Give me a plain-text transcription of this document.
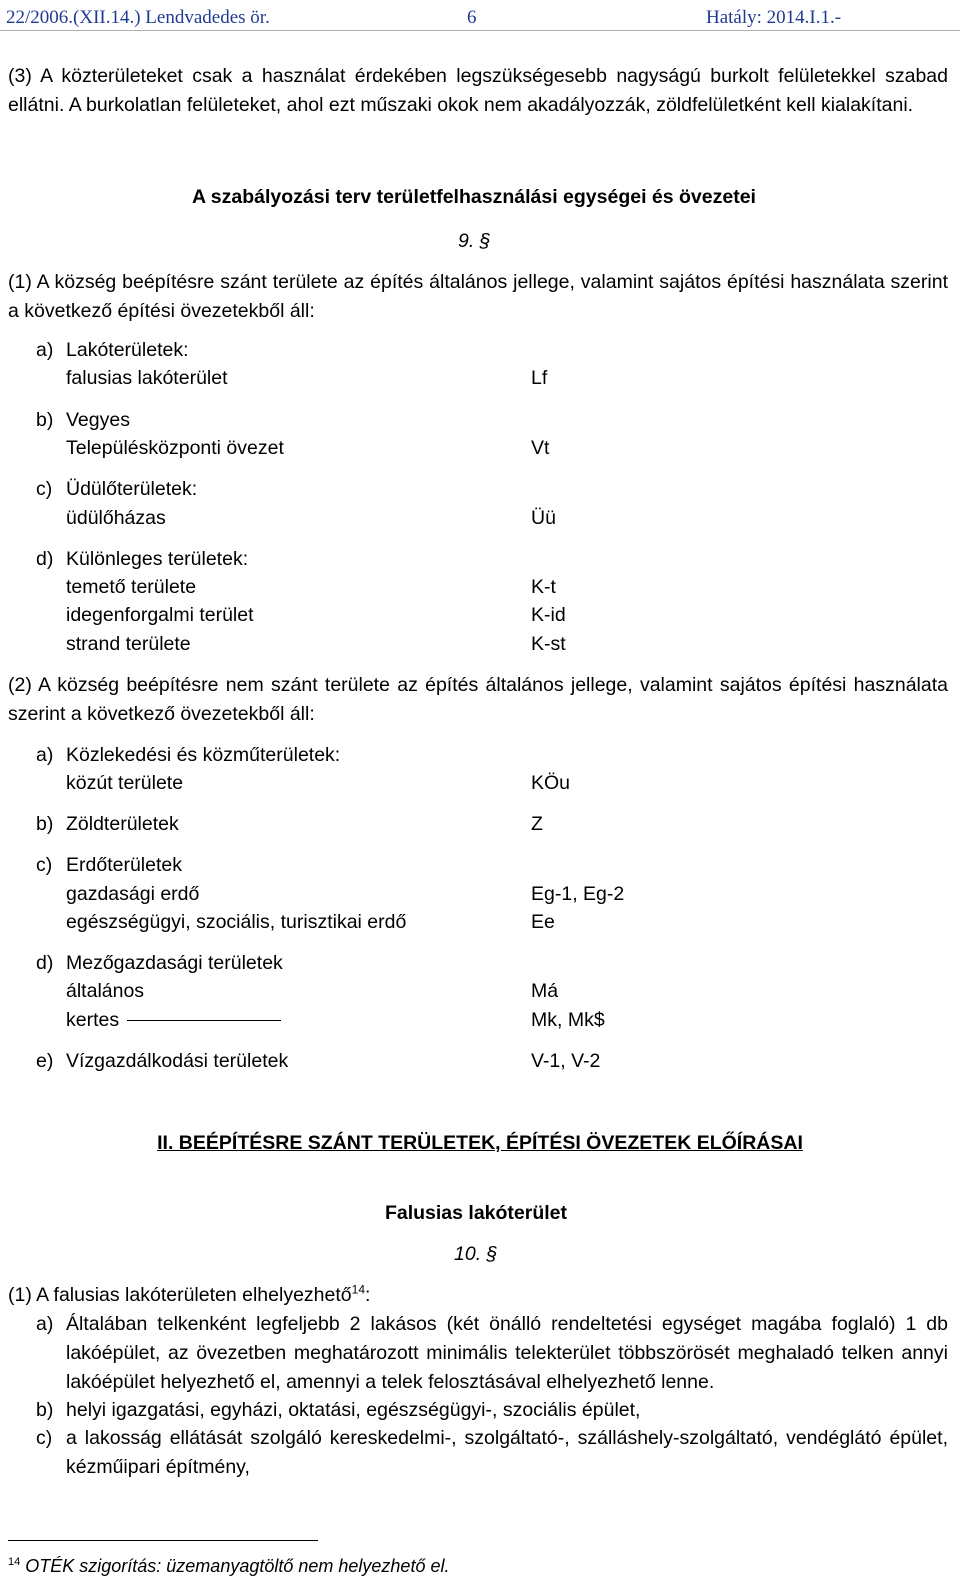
22/2006.(XII.14.) Lendvadedes ör.	6	Hatály: 2014.I.1.-
(3) A közterületeket csak a használat érdekében legszükségesebb nagyságú burkolt felületekkel szabad ellátni. A burkolatlan felületeket, ahol ezt műszaki okok nem akadályozzák, zöldfelületként kell kialakítani.
A szabályozási terv területfelhasználási egységei és övezetei
9. §
(1) A község beépítésre szánt területe az építés általános jellege, valamint sajátos építési használata szerint a következő építési övezetekből áll:
a) Lakóterületek:
falusias lakóterület	Lf
b) Vegyes
Településközponti övezet	Vt
c) Üdülőterületek:
üdülőházas	Üü
d) Különleges területek:
temető területe	K-t
idegenforgalmi terület	K-id
strand területe	K-st
(2) A község beépítésre nem szánt területe az építés általános jellege, valamint sajátos építési használata szerint a következő övezetekből áll:
a) Közlekedési és közműterületek:
közút területe	KÖu
b) Zöldterületek	Z
c) Erdőterületek
gazdasági erdő	Eg-1, Eg-2
egészségügyi, szociális, turisztikai erdő	Ee
d) Mezőgazdasági területek
általános	Má
kertes	Mk, Mk$
e) Vízgazdálkodási területek	V-1, V-2
II. BEÉPÍTÉSRE SZÁNT TERÜLETEK, ÉPÍTÉSI ÖVEZETEK ELŐÍRÁSAI
Falusias lakóterület
10. §
(1) A falusias lakóterületen elhelyezhető$^{14}$:
a) Általában telkenként legfeljebb 2 lakásos (két önálló rendeltetési egységet magába foglaló) 1 db lakóépület, az övezetben meghatározott minimális telekterület többszörösét meghaladó telken annyi lakóépület helyezhető el, amennyi a telek felosztásával elhelyezhető lenne.
b) helyi igazgatási, egyházi, oktatási, egészségügyi-, szociális épület,
c) a lakosság ellátását szolgáló kereskedelmi-, szolgáltató-, szálláshely-szolgáltató, vendéglátó épület, kézműipari építmény,
$^{14}$ OTÉK szigorítás: üzemanyagtöltő nem helyezhető el.
